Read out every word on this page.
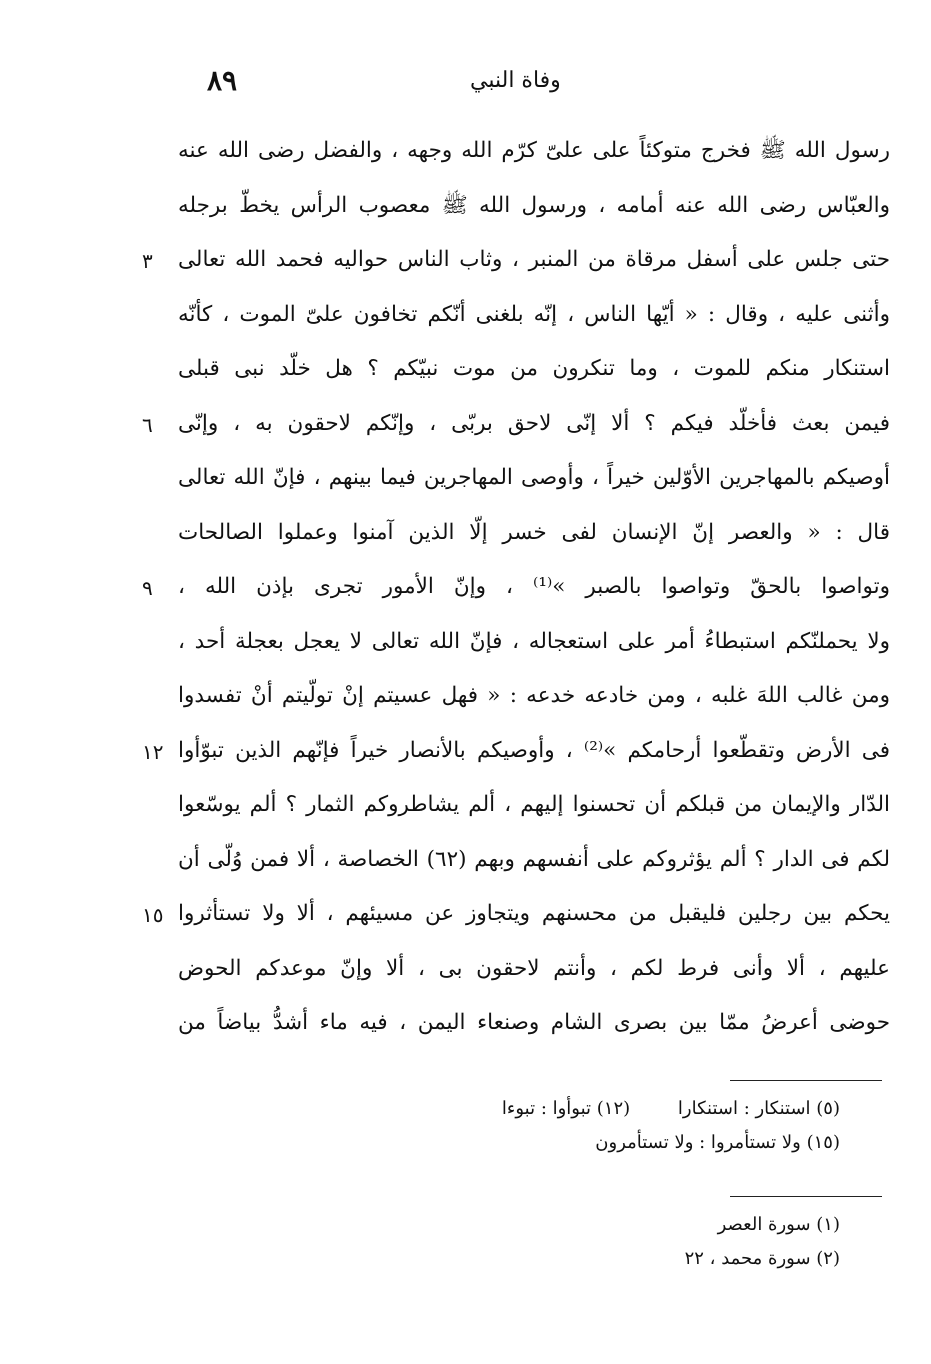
٨٩	وفاة النبي
رسول الله ﷺ فخرج متوكئاً على علىّ كرّم الله وجهه ، والفضل رضى الله عنه
والعبّاس رضى الله عنه أمامه ، ورسول الله ﷺ معصوب الرأس يخطّ برجله
حتى جلس على أسفل مرقاة من المنبر ، وثاب الناس حواليه فحمد الله تعالى
وأثنى عليه ، وقال : « أيّها الناس ، إنّه بلغنى أنّكم تخافون علىّ الموت ، كأنّه
استنكار منكم للموت ، وما تنكرون من موت نبيّكم ؟ هل خلّد نبى قبلى
فيمن بعث فأخلّد فيكم ؟ ألا إنّى لاحق بربّى ، وإنّكم لاحقون به ، وإنّى
أوصيكم بالمهاجرين الأوّلين خيراً ، وأوصى المهاجرين فيما بينهم ، فإنّ الله تعالى
قال : « والعصر إنّ الإنسان لفى خسر إلّا الذين آمنوا وعملوا الصالحات
وتواصوا بالحقّ وتواصوا بالصبر »⁽¹⁾ ، وإنّ الأمور تجرى بإذن الله ،
ولا يحملنّكم استبطاءُ أمر على استعجاله ، فإنّ الله تعالى لا يعجل بعجلة أحد ،
ومن غالب اللهَ غلبه ، ومن خادعه خدعه : « فهل عسيتم إنْ تولّيتم أنْ تفسدوا
فى الأرض وتقطّعوا أرحامكم »⁽²⁾ ، وأوصيكم بالأنصار خيراً فإنّهم الذين تبوّأوا
الدّار والإيمان من قبلكم أن تحسنوا إليهم ، ألم يشاطروكم الثمار ؟ ألم يوسّعوا
لكم فى الدار ؟ ألم يؤثروكم على أنفسهم وبهم (٦٢) الخصاصة ، ألا فمن وُلّى أن
يحكم بين رجلين فليقبل من محسنهم ويتجاوز عن مسيئهم ، ألا ولا تستأثروا
عليهم ، ألا وأنى فرط لكم ، وأنتم لاحقون بى ، ألا وإنّ موعدكم الحوض
حوضى أعرضُ ممّا بين بصرى الشام وصنعاء اليمن ، فيه ماء أشدُّ بياضاً من
٣
٦
٩
١٢
١٥
(٥) استنكار : استنكارا (١٢) تبوأوا : تبوءا
(١٥) ولا تستأمروا : ولا تستأمرون
(١) سورة العصر
(٢) سورة محمد ، ٢٢
